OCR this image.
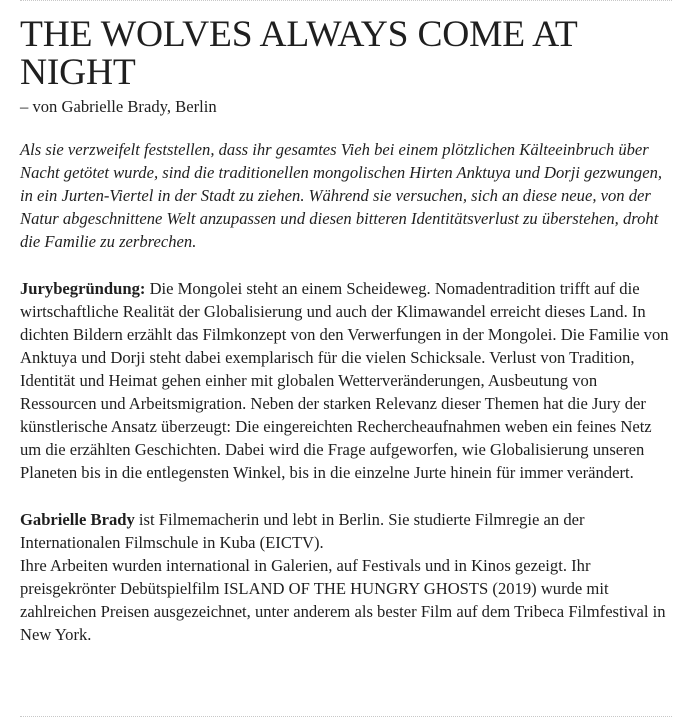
THE WOLVES ALWAYS COME AT NIGHT

– von Gabrielle Brady, Berlin

Als sie verzweifelt feststellen, dass ihr gesamtes Vieh bei einem plötzlichen Kälteeinbruch über Nacht getötet wurde, sind die traditionellen mongolischen Hirten Anktuya und Dorji gezwungen, in ein Jurten-Viertel in der Stadt zu ziehen. Während sie versuchen, sich an diese neue, von der Natur abgeschnittene Welt anzupassen und diesen bitteren Identitätsverlust zu überstehen, droht die Familie zu zerbrechen.

Jurybegründung: Die Mongolei steht an einem Scheideweg. Nomadentradition trifft auf die wirtschaftliche Realität der Globalisierung und auch der Klimawandel erreicht dieses Land. In dichten Bildern erzählt das Filmkonzept von den Verwerfungen in der Mongolei. Die Familie von Anktuya und Dorji steht dabei exemplarisch für die vielen Schicksale. Verlust von Tradition, Identität und Heimat gehen einher mit globalen Wetterveränderungen, Ausbeutung von Ressourcen und Arbeitsmigration. Neben der starken Relevanz dieser Themen hat die Jury der künstlerische Ansatz überzeugt: Die eingereichten Rechercheaufnahmen weben ein feines Netz um die erzählten Geschichten. Dabei wird die Frage aufgeworfen, wie Globalisierung unseren Planeten bis in die entlegensten Winkel, bis in die einzelne Jurte hinein für immer verändert.

Gabrielle Brady ist Filmemacherin und lebt in Berlin. Sie studierte Filmregie an der Internationalen Filmschule in Kuba (EICTV).
Ihre Arbeiten wurden international in Galerien, auf Festivals und in Kinos gezeigt. Ihr preisgekrönter Debütspielfilm ISLAND OF THE HUNGRY GHOSTS (2019) wurde mit zahlreichen Preisen ausgezeichnet, unter anderem als bester Film auf dem Tribeca Filmfestival in New York.
